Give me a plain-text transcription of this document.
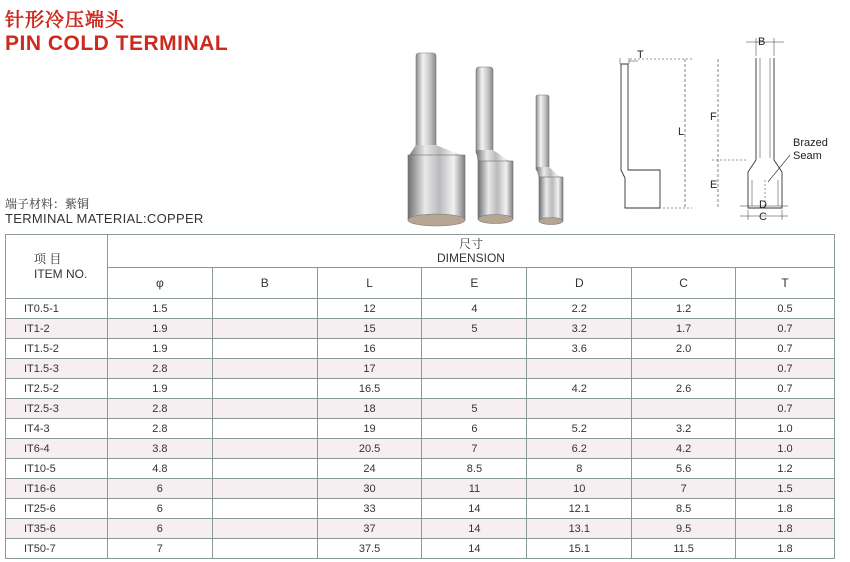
针形冷压端头
PIN COLD TERMINAL	T
B
L
F
E
D
C
Brazed
Seam
端子材料：紫铜
TERMINAL MATERIAL:COPPER
项 目
ITEM NO.	尺寸
DIMENSION						
	φ	B	L	E	D	C	T
IT0.5-1	1.5		12	4	2.2	1.2	0.5
IT1-2	1.9		15	5	3.2	1.7	0.7
IT1.5-2	1.9		16		3.6	2.0	0.7
IT1.5-3	2.8		17				0.7
IT2.5-2	1.9		16.5		4.2	2.6	0.7
IT2.5-3	2.8		18	5			0.7
IT4-3	2.8		19	6	5.2	3.2	1.0
IT6-4	3.8		20.5	7	6.2	4.2	1.0
IT10-5	4.8		24	8.5	8	5.6	1.2
IT16-6	6		30	11	10	7	1.5
IT25-6	6		33	14	12.1	8.5	1.8
IT35-6	6		37	14	13.1	9.5	1.8
IT50-7	7		37.5	14	15.1	11.5	1.8
